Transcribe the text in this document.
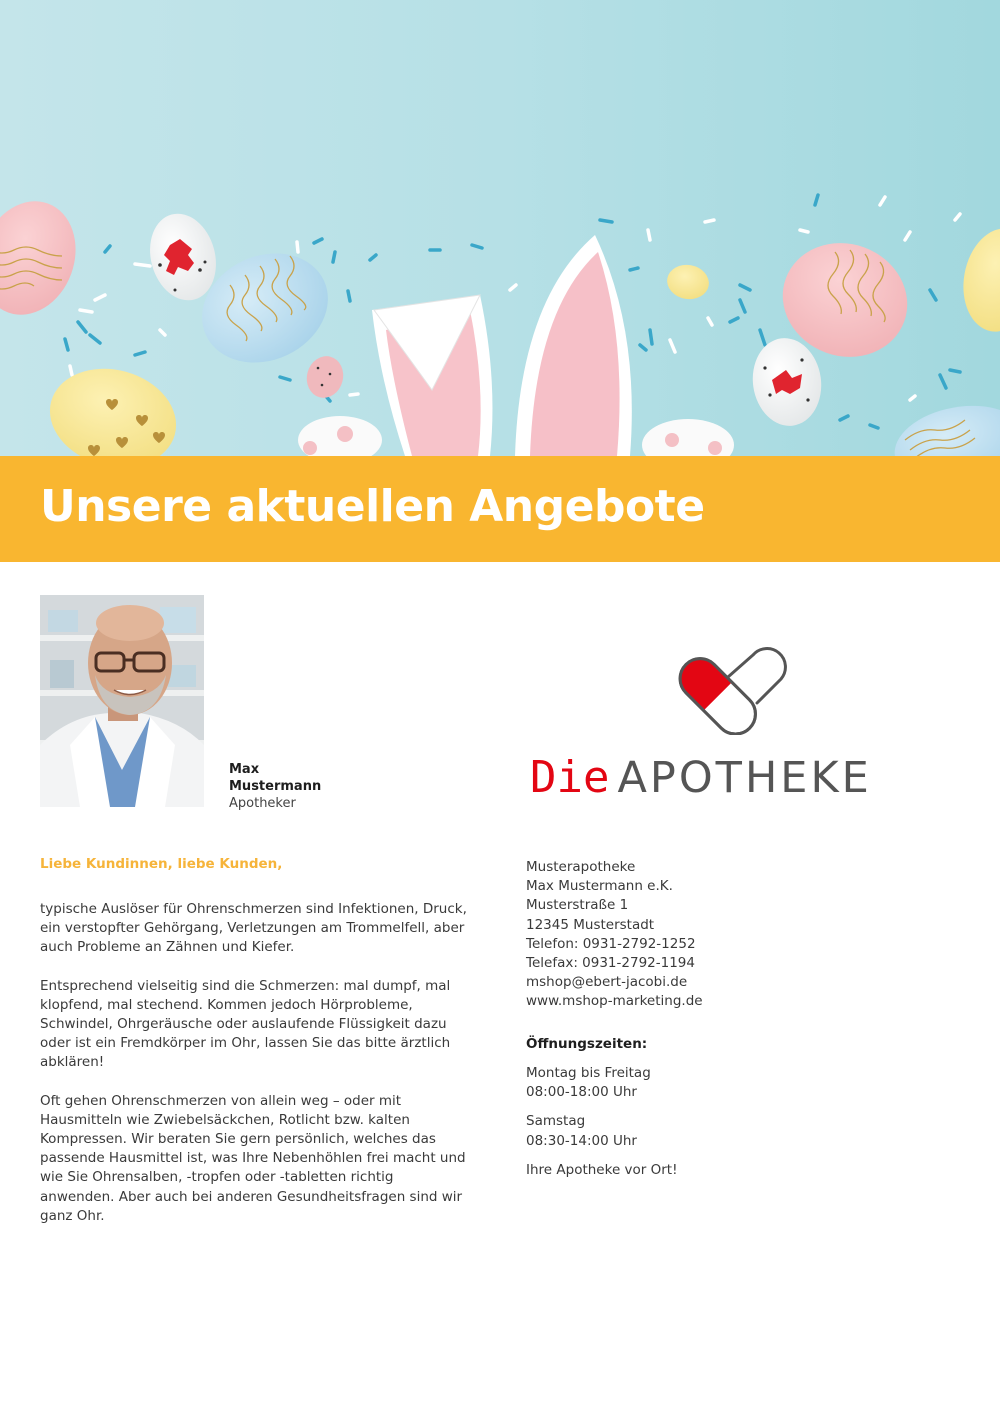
Unsere aktuellen Angebote
Max
Mustermann
Apotheker
Die APOTHEKE
Liebe Kundinnen, liebe Kunden,

typische Auslöser für Ohrenschmerzen sind Infektionen, Druck, ein verstopfter Gehörgang, Verletzungen am Trommelfell, aber auch Probleme an Zähnen und Kiefer.

Entsprechend vielseitig sind die Schmerzen: mal dumpf, mal klopfend, mal stechend. Kommen jedoch Hörprobleme, Schwindel, Ohrgeräusche oder auslaufende Flüssigkeit dazu oder ist ein Fremdkörper im Ohr, lassen Sie das bitte ärztlich abklären!

Oft gehen Ohrenschmerzen von allein weg – oder mit Hausmitteln wie Zwiebelsäckchen, Rotlicht bzw. kalten Kompressen. Wir beraten Sie gern persönlich, welches das passende Hausmittel ist, was Ihre Nebenhöhlen frei macht und wie Sie Ohrensalben, -tropfen oder -tabletten richtig anwenden. Aber auch bei anderen Gesundheitsfragen sind wir ganz Ohr.

Musterapotheke
Max Mustermann e.K.
Musterstraße 1
12345 Musterstadt
Telefon: 0931-2792-1252
Telefax: 0931-2792-1194
mshop@ebert-jacobi.de
www.mshop-marketing.de
Öffnungszeiten:
Montag bis Freitag
08:00-18:00 Uhr
Samstag
08:30-14:00 Uhr
Ihre Apotheke vor Ort!
